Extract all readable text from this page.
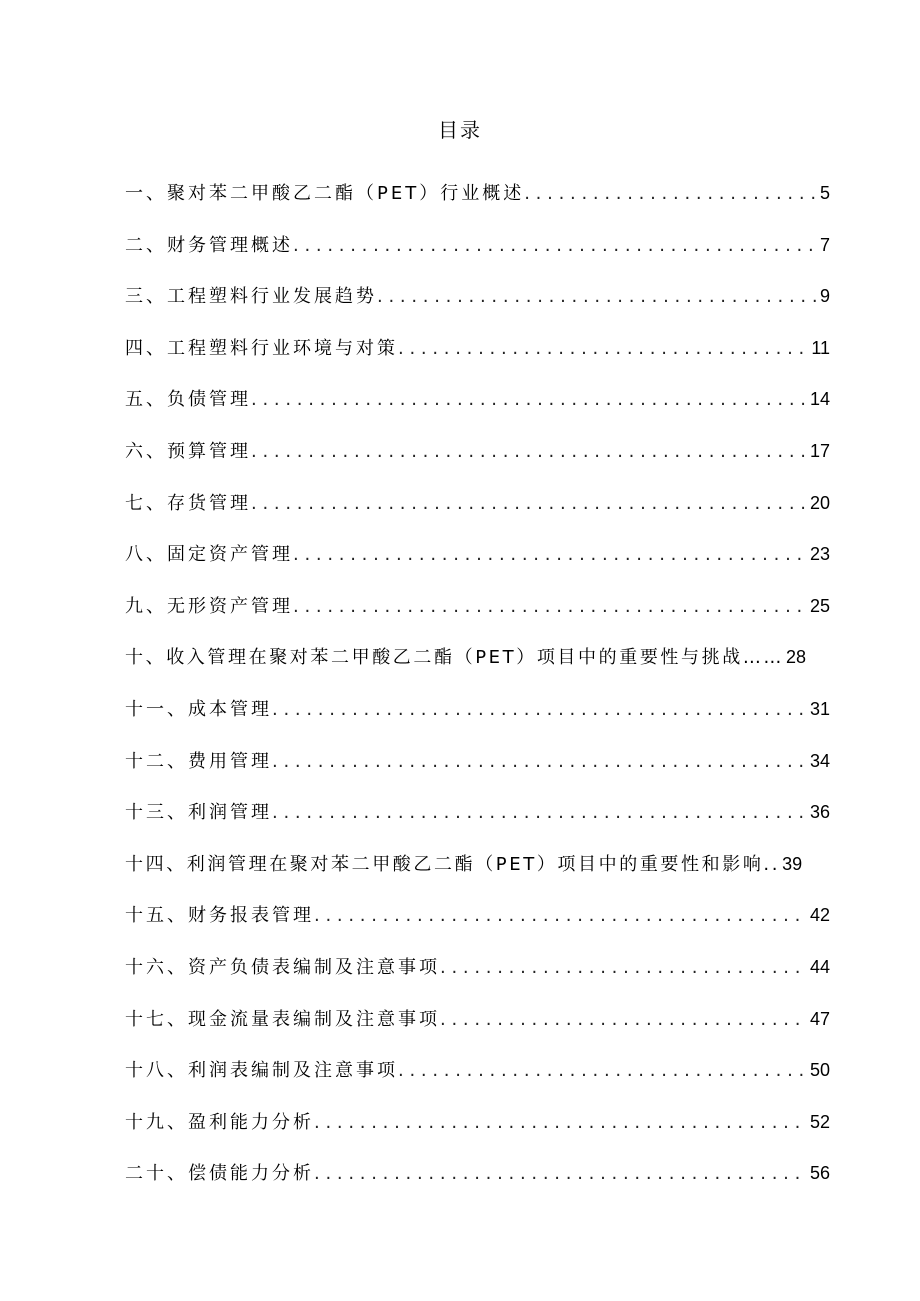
目录
一、聚对苯二甲酸乙二酯（PET）行业概述 . . .	5
二、财务管理概述 . . .	7
三、工程塑料行业发展趋势 . . .	9
四、工程塑料行业环境与对策 . . .	11
五、负债管理 . . .	14
六、预算管理 . . .	17
七、存货管理 . . .	20
八、固定资产管理 . . .	23
九、无形资产管理 . . .	25
十、收入管理在聚对苯二甲酸乙二酯（PET）项目中的重要性与挑战…… 28
十一、成本管理 . . .	31
十二、费用管理 . . .	34
十三、利润管理 . . .	36
十四、利润管理在聚对苯二甲酸乙二酯（PET）项目中的重要性和影响.. 39
十五、财务报表管理 . . .	42
十六、资产负债表编制及注意事项 . . .	44
十七、现金流量表编制及注意事项 . . .	47
十八、利润表编制及注意事项 . . .	50
十九、盈利能力分析 . . .	52
二十、偿债能力分析 . . .	56
